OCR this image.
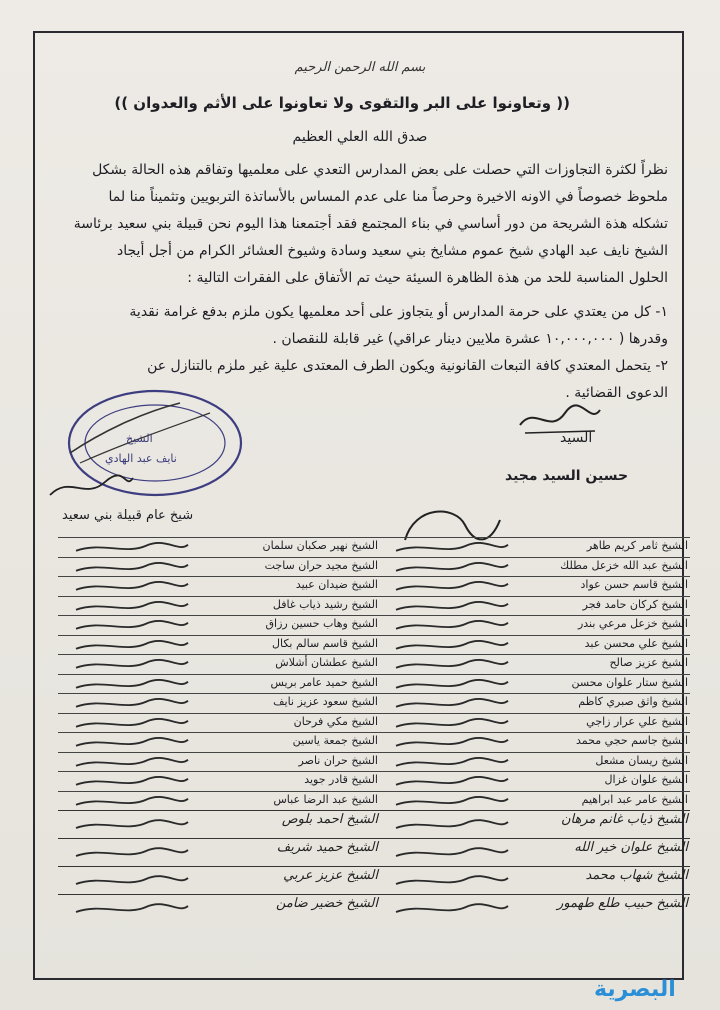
بسم الله الرحمن الرحيم
(( وتعاونوا على البر والتقوى ولا تعاونوا على الأثم والعدوان ))
صدق الله العلي العظيم
نظراً لكثرة التجاوزات التي حصلت على بعض المدارس التعدي على معلميها وتفاقم هذه الحالة بشكل
ملحوظ خصوصاً في الاونه الاخيرة وحرصاً منا على عدم المساس بالأساتذة التربويين وتثميناً منا لما
تشكله هذة الشريحة من دور أساسي في بناء المجتمع فقد أجتمعنا هذا اليوم نحن قبيلة بني سعيد برئاسة
الشيخ نايف عبد الهادي شيخ عموم مشايخ بني سعيد وسادة وشيوخ العشائر الكرام من أجل أيجاد
الحلول المناسبة للحد من هذة الظاهرة السيئة حيث تم الأتفاق على الفقرات التالية :
١- كل من يعتدي على حرمة المدارس أو يتجاوز على أحد معلميها يكون ملزم بدفع غرامة نقدية
وقدرها ( ١٠,٠٠٠,٠٠٠ عشرة ملايين دينار عراقي) غير قابلة للنقصان .
٢- يتحمل المعتدي كافة التبعات القانونية ويكون الطرف المعتدى علية غير ملزم بالتنازل عن
الدعوى القضائية .
الشيخ
نايف عبد الهادي
السيد
حسين السيد مجيد
شيخ عام قبيلة بني سعيد
الشيخ ثامر كريم طاهر
الشيخ نهير صكبان سلمان
الشيخ عبد الله خزعل مطلك
الشيخ مجيد حران ساجت
الشيخ قاسم حسن عواد
الشيخ ضيدان عبيد
الشيخ كركان حامد فجر
الشيخ رشيد ذياب غافل
الشيخ خزعل مرعي بندر
الشيخ وهاب حسين رزاق
الشيخ علي محسن عبد
الشيخ قاسم سالم بكال
الشيخ عزيز صالح
الشيخ عطشان أشلاش
الشيخ ستار علوان محسن
الشيخ حميد عامر بريس
الشيخ واثق صبري كاظم
الشيخ سعود عزيز نايف
الشيخ علي عرار زاجي
الشيخ مكي فرحان
الشيخ جاسم حجي محمد
الشيخ جمعة ياسين
الشيخ ريسان مشعل
الشيخ حران ناصر
الشيخ علوان غزال
الشيخ قادر جويد
الشيخ عامر عبد ابراهيم
الشيخ عبد الرضا عباس
الشيخ ذياب غانم مرهان
الشيخ احمد بلوص
الشيخ علوان خير الله
الشيخ حميد شريف
الشيخ شهاب محمد
الشيخ عزيز عربي
الشيخ حبيب طلع طهمور
الشيخ خضير ضامن
البصرية
